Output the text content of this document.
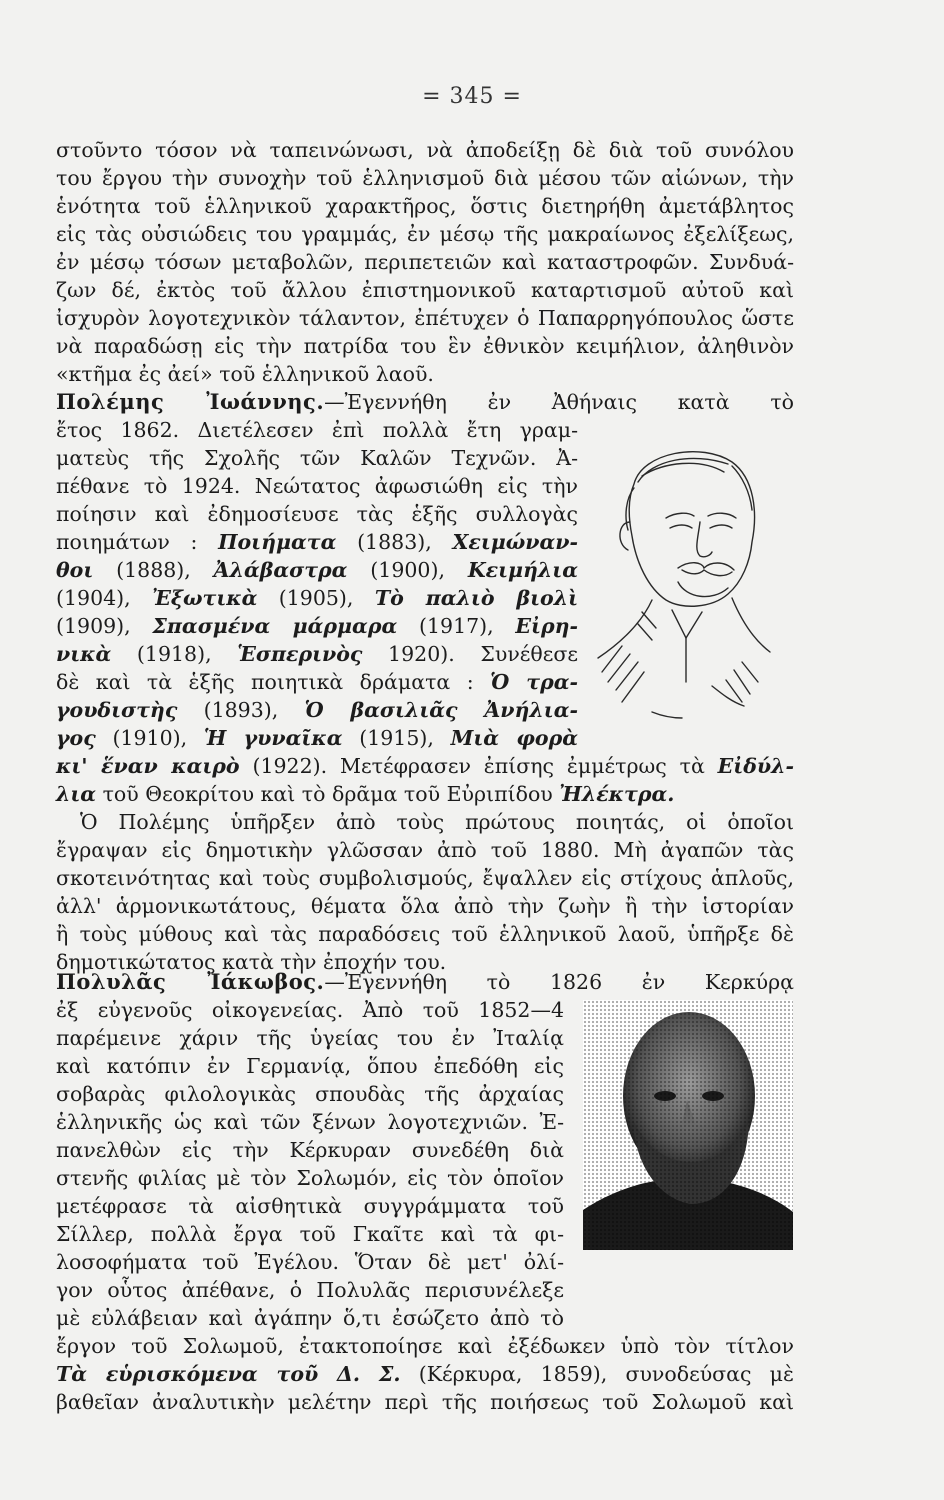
= 345 =
στοῦντο τόσον νὰ ταπεινώνωσι, νὰ ἀποδείξῃ δὲ διὰ τοῦ συνόλου
του ἔργου τὴν συνοχὴν τοῦ ἑλληνισμοῦ διὰ μέσου τῶν αἰώνων, τὴν
ἑνότητα τοῦ ἑλληνικοῦ χαρακτῆρος, ὅστις διετηρήθη ἀμετάβλητος
εἰς τὰς οὐσιώδεις του γραμμάς, ἐν μέσῳ τῆς μακραίωνος ἐξελίξεως,
ἐν μέσῳ τόσων μεταβολῶν, περιπετειῶν καὶ καταστροφῶν. Συνδυά-
ζων δέ, ἐκτὸς τοῦ ἄλλου ἐπιστημονικοῦ καταρτισμοῦ αὐτοῦ καὶ
ἰσχυρὸν λογοτεχνικὸν τάλαντον, ἐπέτυχεν ὁ Παπαρρηγόπουλος ὥστε
νὰ παραδώσῃ εἰς τὴν πατρίδα του ἓν ἐθνικὸν κειμήλιον, ἀληθινὸν
«κτῆμα ἐς ἀεί» τοῦ ἑλληνικοῦ λαοῦ.
Πολέμης Ἰωάννης.—Ἐγεννήθη ἐν Ἀθήναις κατὰ τὸ
ἔτος 1862. Διετέλεσεν ἐπὶ πολλὰ ἔτη γραμ-
ματεὺς τῆς Σχολῆς τῶν Καλῶν Τεχνῶν. Ἀ-
πέθανε τὸ 1924. Νεώτατος ἀφωσιώθη εἰς τὴν
ποίησιν καὶ ἐδημοσίευσε τὰς ἑξῆς συλλογὰς
ποιημάτων : Ποιήματα (1883), Χειμώναν-
θοι (1888), Ἀλάβαστρα (1900), Κειμήλια
(1904), Ἐξωτικὰ (1905), Τὸ παλιὸ βιολὶ
(1909), Σπασμένα μάρμαρα (1917), Εἰρη-
νικὰ (1918), Ἑσπερινὸς 1920). Συνέθεσε
δὲ καὶ τὰ ἑξῆς ποιητικὰ δράματα : Ὁ τρα-
γουδιστὴς (1893), Ὁ βασιλιᾶς Ἀνήλια-
γος (1910), Ἡ γυναῖκα (1915), Μιὰ φορὰ
κι' ἕναν καιρὸ (1922). Μετέφρασεν ἐπίσης ἐμμέτρως τὰ Εἰδύλ-
λια τοῦ Θεοκρίτου καὶ τὸ δρᾶμα τοῦ Εὐριπίδου Ἠλέκτρα.
Ὁ Πολέμης ὑπῆρξεν ἀπὸ τοὺς πρώτους ποιητάς, οἱ ὁποῖοι
ἔγραψαν εἰς δημοτικὴν γλῶσσαν ἀπὸ τοῦ 1880. Μὴ ἀγαπῶν τὰς
σκοτεινότητας καὶ τοὺς συμβολισμούς, ἔψαλλεν εἰς στίχους ἁπλοῦς,
ἀλλ' ἁρμονικωτάτους, θέματα ὅλα ἀπὸ τὴν ζωὴν ἢ τὴν ἱστορίαν
ἢ τοὺς μύθους καὶ τὰς παραδόσεις τοῦ ἑλληνικοῦ λαοῦ, ὑπῆρξε δὲ
δημοτικώτατος κατὰ τὴν ἐποχήν του.
Πολυλᾶς Ἰάκωβος.—Ἐγεννήθη τὸ 1826 ἐν Κερκύρᾳ
ἐξ εὐγενοῦς οἰκογενείας. Ἀπὸ τοῦ 1852—4
παρέμεινε χάριν τῆς ὑγείας του ἐν Ἰταλίᾳ
καὶ κατόπιν ἐν Γερμανίᾳ, ὅπου ἐπεδόθη εἰς
σοβαρὰς φιλολογικὰς σπουδὰς τῆς ἀρχαίας
ἑλληνικῆς ὡς καὶ τῶν ξένων λογοτεχνιῶν. Ἐ-
πανελθὼν εἰς τὴν Κέρκυραν συνεδέθη διὰ
στενῆς φιλίας μὲ τὸν Σολωμόν, εἰς τὸν ὁποῖον
μετέφρασε τὰ αἰσθητικὰ συγγράμματα τοῦ
Σίλλερ, πολλὰ ἔργα τοῦ Γκαῖτε καὶ τὰ φι-
λοσοφήματα τοῦ Ἐγέλου. Ὅταν δὲ μετ' ὀλί-
γον οὗτος ἀπέθανε, ὁ Πολυλᾶς περισυνέλεξε
μὲ εὐλάβειαν καὶ ἀγάπην ὅ,τι ἐσώζετο ἀπὸ τὸ
ἔργον τοῦ Σολωμοῦ, ἐτακτοποίησε καὶ ἐξέδωκεν ὑπὸ τὸν τίτλον
Τὰ εὑρισκόμενα τοῦ Δ. Σ. (Κέρκυρα, 1859), συνοδεύσας μὲ
βαθεῖαν ἀναλυτικὴν μελέτην περὶ τῆς ποιήσεως τοῦ Σολωμοῦ καὶ
